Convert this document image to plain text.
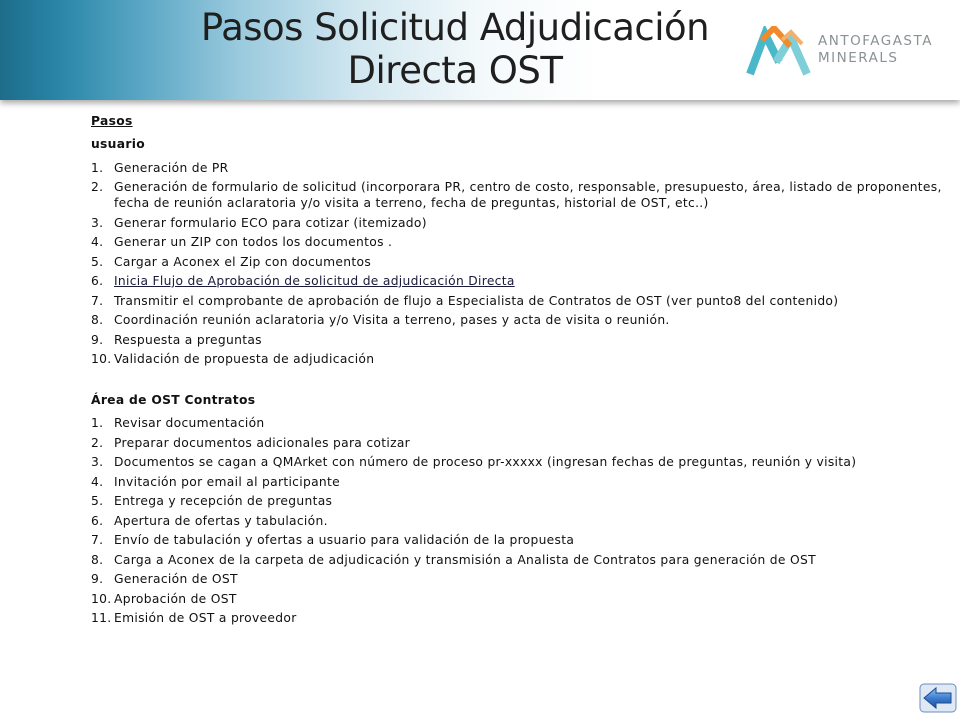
Pasos Solicitud Adjudicación
Directa OST
ANTOFAGASTA
MINERALS
Pasos
usuario
1. Generación de PR
2. Generación de formulario de solicitud (incorporara PR, centro de costo, responsable, presupuesto, área, listado de proponentes, fecha de reunión aclaratoria y/o visita a terreno, fecha de preguntas, historial de OST, etc..)
3. Generar formulario ECO para cotizar (itemizado)
4. Generar un ZIP con todos los documentos .
5. Cargar a Aconex el Zip con documentos
6. Inicia Flujo de Aprobación de solicitud de adjudicación Directa
7. Transmitir el comprobante de aprobación de flujo a Especialista de Contratos de OST (ver punto8 del contenido)
8. Coordinación reunión aclaratoria y/o Visita a terreno, pases y acta de visita o reunión.
9. Respuesta a preguntas
10. Validación de propuesta de adjudicación
Área de OST Contratos
1. Revisar documentación
2. Preparar documentos adicionales para cotizar
3. Documentos se cagan a QMArket con número de proceso pr-xxxxx (ingresan fechas de preguntas, reunión y visita)
4. Invitación por email al participante
5. Entrega y recepción de preguntas
6. Apertura de ofertas y tabulación.
7. Envío de tabulación y ofertas a usuario para validación de la propuesta
8. Carga a Aconex de la carpeta de adjudicación y transmisión a Analista de Contratos para generación de OST
9. Generación de OST
10. Aprobación de OST
11. Emisión de OST a proveedor
